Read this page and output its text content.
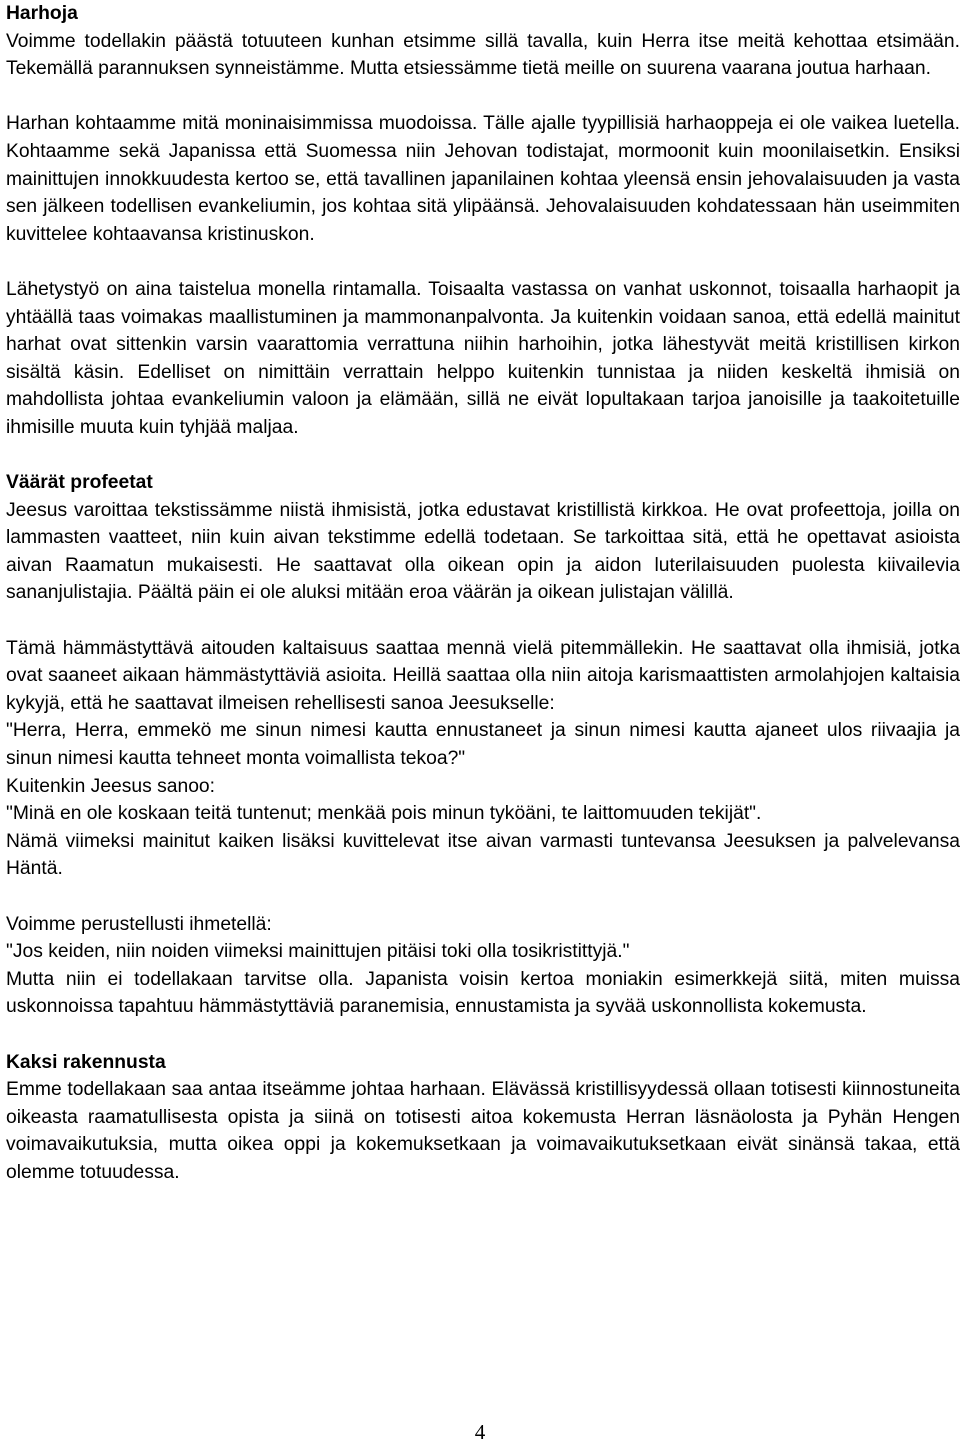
Harhoja

Voimme todellakin päästä totuuteen kunhan etsimme sillä tavalla, kuin Herra itse meitä kehottaa etsimään. Tekemällä parannuksen synneistämme. Mutta etsiessämme tietä meille on suurena vaarana joutua harhaan.

Harhan kohtaamme mitä moninaisimmissa muodoissa. Tälle ajalle tyypillisiä harhaoppeja ei ole vaikea luetella. Kohtaamme sekä Japanissa että Suomessa niin Jehovan todistajat, mormoonit kuin moonilaisetkin. Ensiksi mainittujen innokkuudesta kertoo se, että tavallinen japanilainen kohtaa yleensä ensin jehovalaisuuden ja vasta sen jälkeen todellisen evankeliumin, jos kohtaa sitä ylipäänsä. Jehovalaisuuden kohdatessaan hän useimmiten kuvittelee kohtaavansa kristinuskon.

Lähetystyö on aina taistelua monella rintamalla. Toisaalta vastassa on vanhat uskonnot, toisaalla harhaopit ja yhtäällä taas voimakas maallistuminen ja mammonanpalvonta. Ja kuitenkin voidaan sanoa, että edellä mainitut harhat ovat sittenkin varsin vaarattomia verrattuna niihin harhoihin, jotka lähestyvät meitä kristillisen kirkon sisältä käsin. Edelliset on nimittäin verrattain helppo kuitenkin tunnistaa ja niiden keskeltä ihmisiä on mahdollista johtaa evankeliumin valoon ja elämään, sillä ne eivät lopultakaan tarjoa janoisille ja taakoitetuille ihmisille muuta kuin tyhjää maljaa.

Väärät profeetat

Jeesus varoittaa tekstissämme niistä ihmisistä, jotka edustavat kristillistä kirkkoa. He ovat profeettoja, joilla on lammasten vaatteet, niin kuin aivan tekstimme edellä todetaan. Se tarkoittaa sitä, että he opettavat asioista aivan Raamatun mukaisesti. He saattavat olla oikean opin ja aidon luterilaisuuden puolesta kiivailevia sananjulistajia. Päältä päin ei ole aluksi mitään eroa väärän ja oikean julistajan välillä.

Tämä hämmästyttävä aitouden kaltaisuus saattaa mennä vielä pitemmällekin. He saattavat olla ihmisiä, jotka ovat saaneet aikaan hämmästyttäviä asioita. Heillä saattaa olla niin aitoja karismaattisten armolahjojen kaltaisia kykyjä, että he saattavat ilmeisen rehellisesti sanoa Jeesukselle:
"Herra, Herra, emmekö me sinun nimesi kautta ennustaneet ja sinun nimesi kautta ajaneet ulos riivaajia ja sinun nimesi kautta tehneet monta voimallista tekoa?"
Kuitenkin Jeesus sanoo:
"Minä en ole koskaan teitä tuntenut; menkää pois minun tyköäni, te laittomuuden tekijät".
Nämä viimeksi mainitut kaiken lisäksi kuvittelevat itse aivan varmasti tuntevansa Jeesuksen ja palvelevansa Häntä.

Voimme perustellusti ihmetellä:
"Jos keiden, niin noiden viimeksi mainittujen pitäisi toki olla tosikristittyjä."
Mutta niin ei todellakaan tarvitse olla. Japanista voisin kertoa moniakin esimerkkejä siitä, miten muissa uskonnoissa tapahtuu hämmästyttäviä paranemisia, ennustamista ja syvää uskonnollista kokemusta.

Kaksi rakennusta

Emme todellakaan saa antaa itseämme johtaa harhaan. Elävässä kristillisyydessä ollaan totisesti kiinnostuneita oikeasta raamatullisesta opista ja siinä on totisesti aitoa kokemusta Herran läsnäolosta ja Pyhän Hengen voimavaikutuksia, mutta oikea oppi ja kokemuksetkaan ja voimavaikutuksetkaan eivät sinänsä takaa, että olemme totuudessa.

4
